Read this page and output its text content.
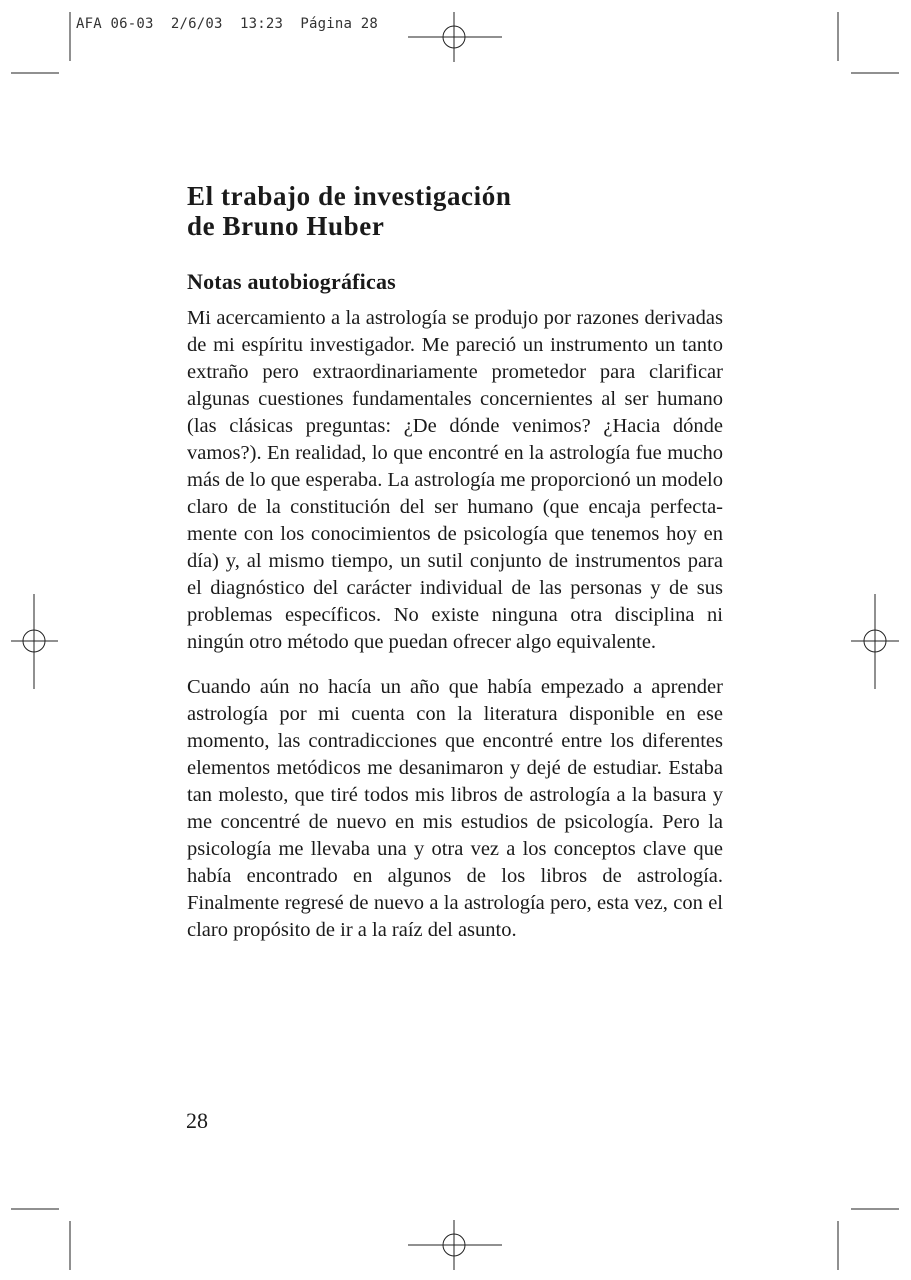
AFA 06-03  2/6/03  13:23  Página 28
El trabajo de investigación
de Bruno Huber
Notas autobiográficas

Mi acercamiento a la astrología se produjo por razones derivadas de mi espíritu investigador. Me pareció un instrumento un tanto extraño pero extraordinariamente prometedor para clarificar algunas cuestiones fundamentales concernientes al ser humano (las clásicas preguntas: ¿De dónde venimos? ¿Hacia dónde vamos?). En realidad, lo que encontré en la astrología fue mucho más de lo que esperaba. La astrología me proporcionó un modelo claro de la constitución del ser humano (que encaja perfectamente con los conocimientos de psicología que tenemos hoy en día) y, al mismo tiempo, un sutil conjunto de instrumentos para el diagnóstico del carácter individual de las personas y de sus problemas específicos. No existe ninguna otra disciplina ni ningún otro método que puedan ofrecer algo equivalente.

Cuando aún no hacía un año que había empezado a aprender astrología por mi cuenta con la literatura disponible en ese momento, las contradicciones que encontré entre los diferentes elementos metódicos me desanimaron y dejé de estudiar. Estaba tan molesto, que tiré todos mis libros de astrología a la basura y me concentré de nuevo en mis estudios de psicología. Pero la psicología me llevaba una y otra vez a los conceptos clave que había encontrado en algunos de los libros de astrología. Finalmente regresé de nuevo a la astrología pero, esta vez, con el claro propósito de ir a la raíz del asunto.

28
